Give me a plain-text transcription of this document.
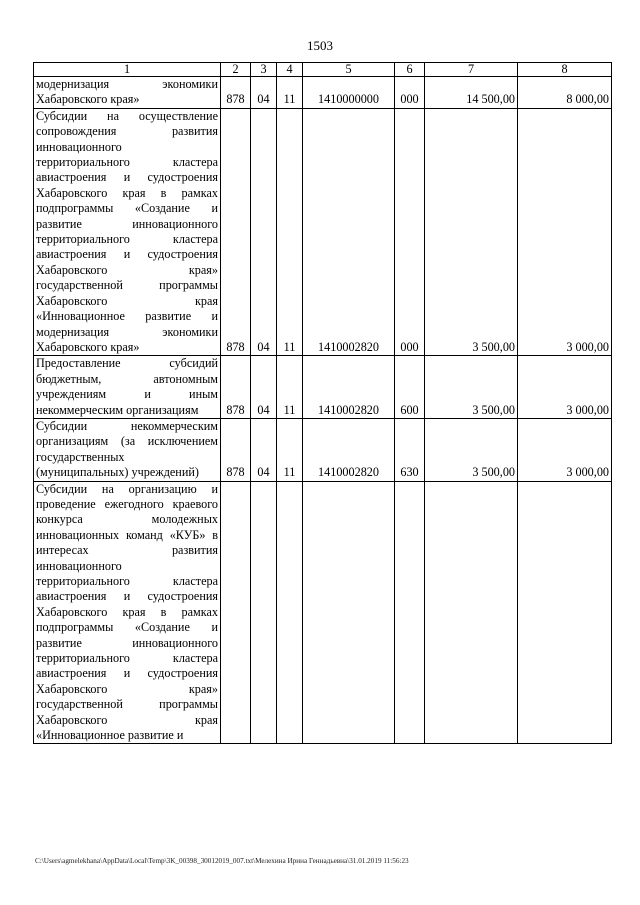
1503
1	2	3	4	5	6	7	8
модернизация экономики Хабаровского края»	878	04	11	1410000000	000	14 500,00	8 000,00
Субсидии на осуществление сопровождения развития инновационного территориального кластера авиастроения и судостроения Хабаровского края в рамках подпрограммы «Создание и развитие инновационного территориального кластера авиастроения и судостроения Хабаровского края» государственной программы Хабаровского края «Инновационное развитие и модернизация экономики Хабаровского края»	878	04	11	1410002820	000	3 500,00	3 000,00
Предоставление субсидий бюджетным, автономным учреждениям и иным некоммерческим организациям	878	04	11	1410002820	600	3 500,00	3 000,00
Субсидии некоммерческим организациям (за исключением государственных (муниципальных) учреждений)	878	04	11	1410002820	630	3 500,00	3 000,00
Субсидии на организацию и проведение ежегодного краевого конкурса молодежных инновационных команд «КУБ» в интересах развития инновационного территориального кластера авиастроения и судостроения Хабаровского края в рамках подпрограммы «Создание и развитие инновационного территориального кластера авиастроения и судостроения Хабаровского края» государственной программы Хабаровского края «Инновационное развитие и							
C:\Users\agmelekhana\AppData\Local\Temp\3K_00398_30012019_007.txt\Мелехина Ирина Геннадьевна\31.01.2019 11:56:23
